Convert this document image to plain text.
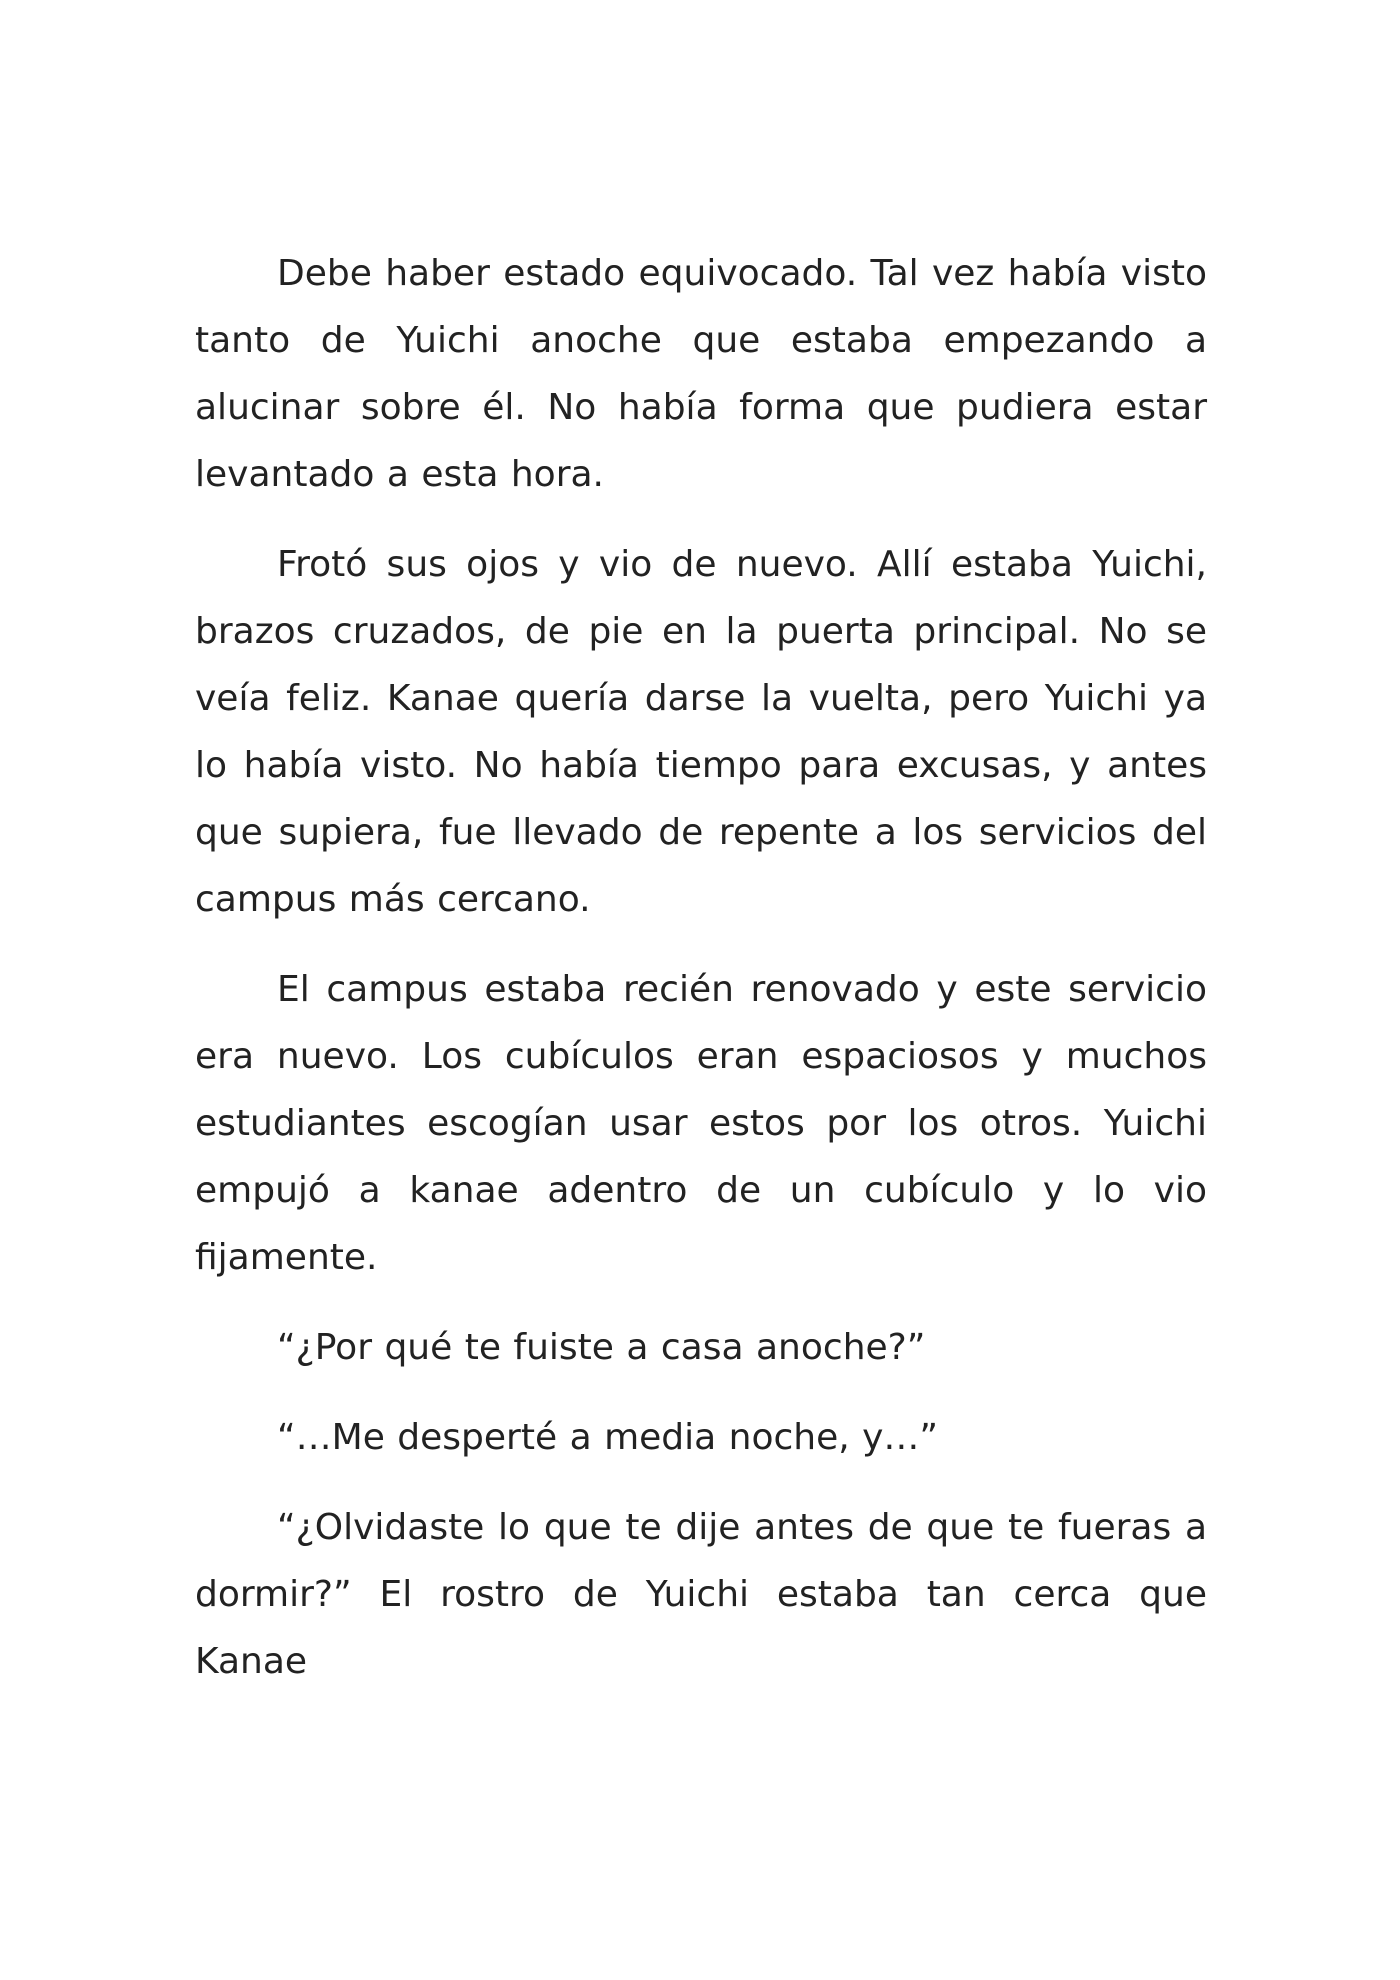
Debe haber estado equivocado. Tal vez había visto tanto de Yuichi anoche que estaba empezando a alucinar sobre él. No había forma que pudiera estar levantado a esta hora.

Frotó sus ojos y vio de nuevo. Allí estaba Yuichi, brazos cruzados, de pie en la puerta principal. No se veía feliz. Kanae quería darse la vuelta, pero Yuichi ya lo había visto. No había tiempo para excusas, y antes que supiera, fue llevado de repente a los servicios del campus más cercano.

El campus estaba recién renovado y este servicio era nuevo. Los cubículos eran espaciosos y muchos estudiantes escogían usar estos por los otros. Yuichi empujó a kanae adentro de un cubículo y lo vio fijamente.

“¿Por qué te fuiste a casa anoche?”

“…Me desperté a media noche, y…”

“¿Olvidaste lo que te dije antes de que te fueras a dormir?” El rostro de Yuichi estaba tan cerca que Kanae
